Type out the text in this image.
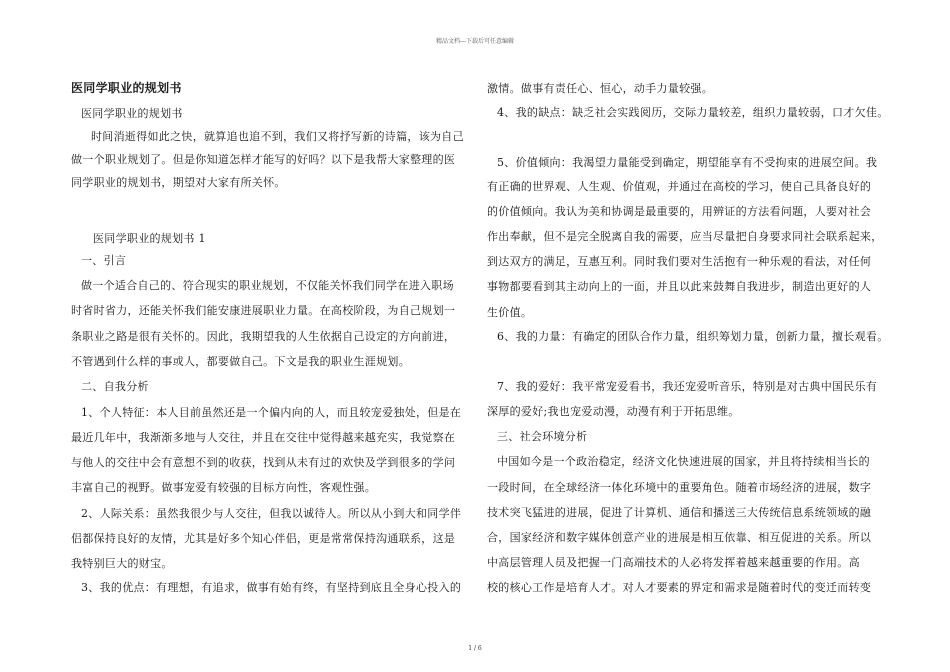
精品文档---下载后可任意编辑
医同学职业的规划书
医同学职业的规划书
时间消逝得如此之快，就算追也追不到，我们又将抒写新的诗篇，该为自己
做一个职业规划了。但是你知道怎样才能写的好吗？以下是我帮大家整理的医
同学职业的规划书，期望对大家有所关怀。
医同学职业的规划书 1
一、引言
做一个适合自己的、符合现实的职业规划，不仅能关怀我们同学在进入职场
时省时省力，还能关怀我们能安康进展职业力量。在高校阶段，为自己规划一
条职业之路是很有关怀的。因此，我期望我的人生依据自己设定的方向前进，
不管遇到什么样的事或人，都要做自己。下文是我的职业生涯规划。
二、自我分析
1、个人特征：本人目前虽然还是一个偏内向的人，而且较宠爱独处，但是在
最近几年中，我渐渐多地与人交往，并且在交往中觉得越来越充实，我觉察在
与他人的交往中会有意想不到的收获，找到从未有过的欢快及学到很多的学问
丰富自己的视野。做事宠爱有较强的目标方向性，客观性强。
2、人际关系：虽然我很少与人交往，但我以诚待人。所以从小到大和同学伴
侣都保持良好的友情，尤其是好多个知心伴侣，更是常常保持沟通联系，这是
我特别巨大的财宝。
3、我的优点：有理想，有追求，做事有始有终，有坚持到底且全身心投入的
激情。做事有责任心、恒心，动手力量较强。
4、我的缺点：缺乏社会实践阅历，交际力量较差，组织力量较弱，口才欠佳。
5、价值倾向：我渴望力量能受到确定，期望能享有不受拘束的进展空间。我
有正确的世界观、人生观、价值观，并通过在高校的学习，使自己具备良好的
的价值倾向。我认为美和协调是最重要的，用辨证的方法看问题，人要对社会
作出奉献，但不是完全脱离自我的需要，应当尽量把自身要求同社会联系起来，
到达双方的满足，互惠互利。同时我们要对生活抱有一种乐观的看法，对任何
事物都要看到其主动向上的一面，并且以此来鼓舞自我进步，制造出更好的人
生价值。
6、我的力量：有确定的团队合作力量，组织筹划力量，创新力量，擅长观看。
7、我的爱好：我平常宠爱看书，我还宠爱听音乐，特别是对古典中国民乐有
深厚的爱好;我也宠爱动漫，动漫有利于开拓思维。
三、社会环境分析
中国如今是一个政治稳定，经济文化快速进展的国家，并且将持续相当长的
一段时间，在全球经济一体化环境中的重要角色。随着市场经济的进展，数字
技术突飞猛进的进展，促进了计算机、通信和播送三大传统信息系统领域的融
合，国家经济和数字媒体创意产业的进展是相互依靠、相互促进的关系。所以
中高层管理人员及把握一门高端技术的人必将发挥着越来越重要的作用。高
校的核心工作是培育人才。对人才要素的界定和需求是随着时代的变迁而转变
1 / 6
